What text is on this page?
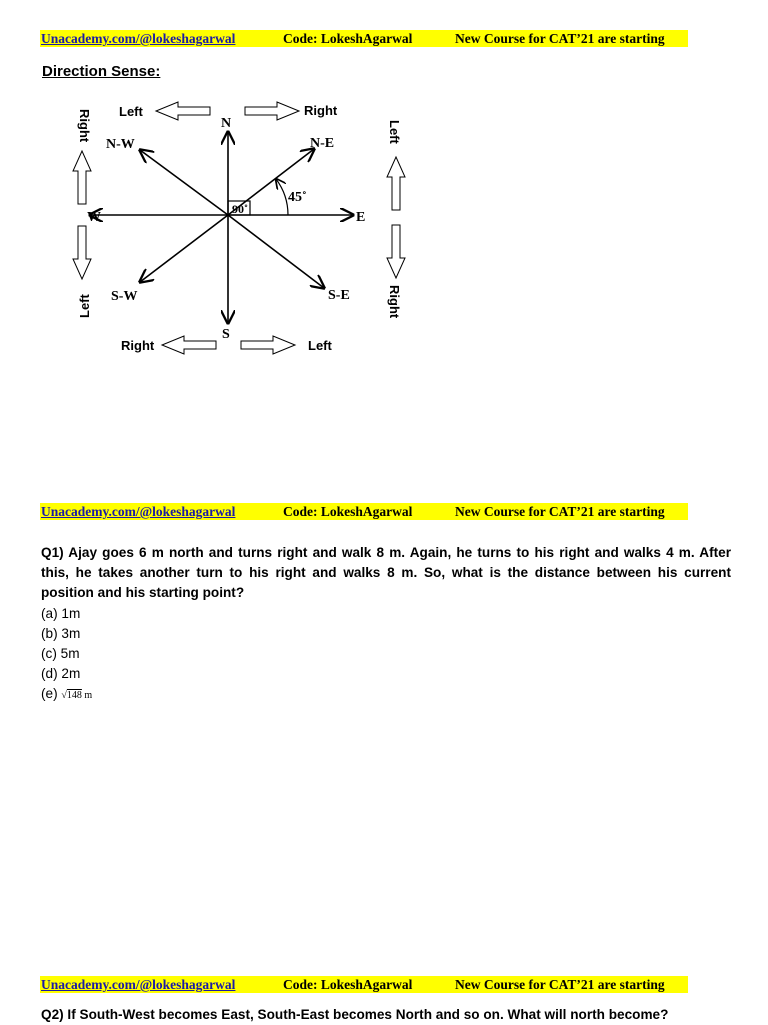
Unacademy.com/@lokeshagarwal	Code: LokeshAgarwal	New Course for CAT’21 are starting
Direction Sense:
N
S
E
W
N-E
N-W
S-E
S-W
90˚
45˚
Left	Right
Right	Left
Right
Left
Left
Right
Unacademy.com/@lokeshagarwal	Code: LokeshAgarwal	New Course for CAT’21 are starting
Q1) Ajay goes 6 m north and turns right and walk 8 m. Again, he turns to his right and walks 4 m. After this, he takes another turn to his right and walks 8 m. So, what is the distance between his current position and his starting point?
(a) 1m
(b) 3m
(c) 5m
(d) 2m
(e) √148 m
Unacademy.com/@lokeshagarwal	Code: LokeshAgarwal	New Course for CAT’21 are starting
Q2) If South-West becomes East, South-East becomes North and so on. What will north become?
